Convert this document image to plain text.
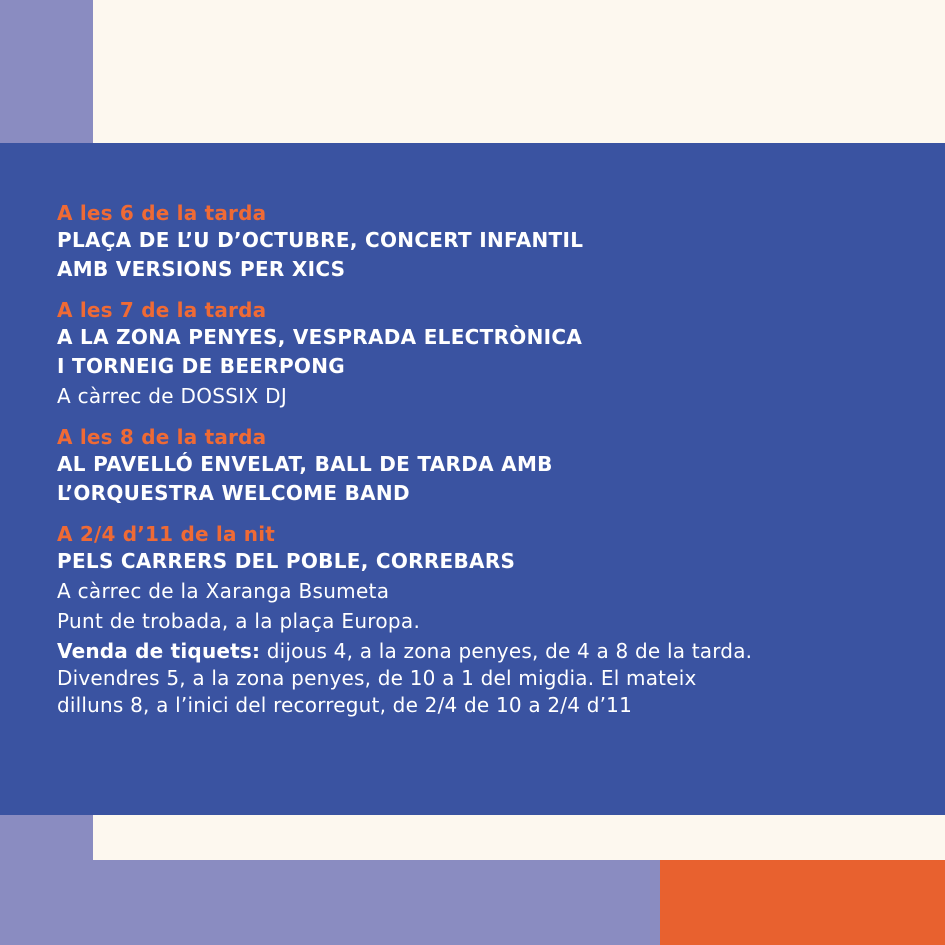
A les 6 de la tarda

PLAÇA DE L’U D’OCTUBRE, CONCERT INFANTIL

AMB VERSIONS PER XICS

A les 7 de la tarda

A LA ZONA PENYES, VESPRADA ELECTRÒNICA

I TORNEIG DE BEERPONG

A càrrec de DOSSIX DJ

A les 8 de la tarda

AL PAVELLÓ ENVELAT, BALL DE TARDA AMB

L’ORQUESTRA WELCOME BAND

A 2/4 d’11 de la nit

PELS CARRERS DEL POBLE, CORREBARS

A càrrec de la Xaranga Bsumeta

Punt de trobada, a la plaça Europa.

Venda de tiquets: dijous 4, a la zona penyes, de 4 a 8 de la tarda.

Divendres 5, a la zona penyes, de 10 a 1 del migdia. El mateix

dilluns 8, a l’inici del recorregut, de 2/4 de 10 a 2/4 d’11
